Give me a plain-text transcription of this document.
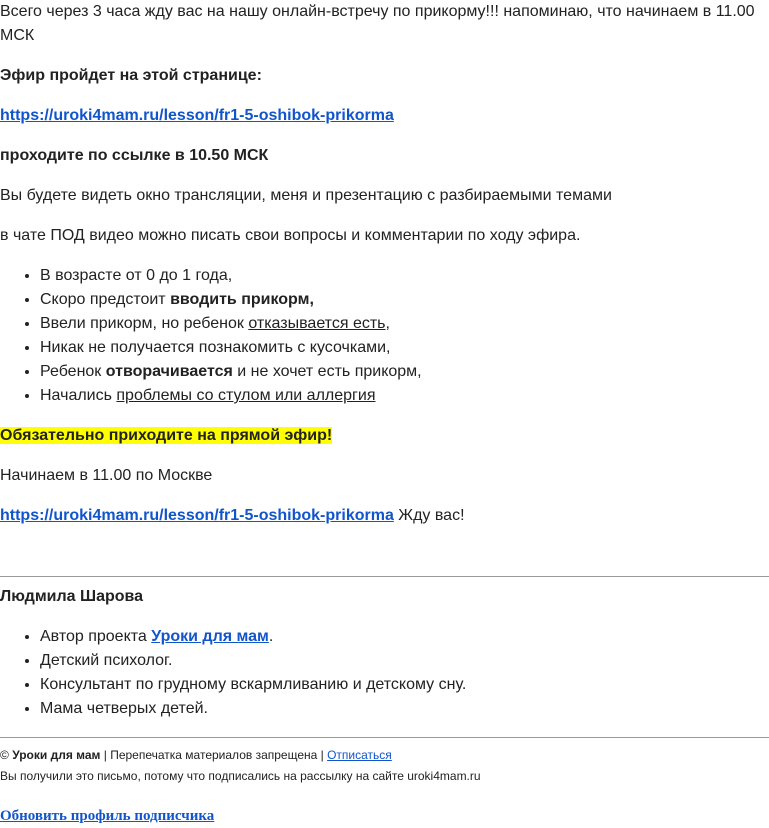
Всего через 3 часа жду вас на нашу онлайн-встречу по прикорму!!! напоминаю, что начинаем в 11.00 МСК

Эфир пройдет на этой странице:

https://uroki4mam.ru/lesson/fr1-5-oshibok-prikorma

проходите по ссылке в 10.50 МСК

Вы будете видеть окно трансляции, меня и презентацию с разбираемыми темами

в чате ПОД видео можно писать свои вопросы и комментарии по ходу эфира.

• В возрасте от 0 до 1 года,
• Скоро предстоит вводить прикорм,
• Ввели прикорм, но ребенок отказывается есть,
• Никак не получается познакомить с кусочками,
• Ребенок отворачивается и не хочет есть прикорм,
• Начались проблемы со стулом или аллергия

Обязательно приходите на прямой эфир!

Начинаем в 11.00 по Москве

https://uroki4mam.ru/lesson/fr1-5-oshibok-prikorma Жду вас!

Людмила Шарова

• Автор проекта Уроки для мам.
• Детский психолог.
• Консультант по грудному вскармливанию и детскому сну.
• Мама четверых детей.
© Уроки для мам | Перепечатка материалов запрещена | Отписаться
Вы получили это письмо, потому что подписались на рассылку на сайте uroki4mam.ru
Обновить профиль подписчика
